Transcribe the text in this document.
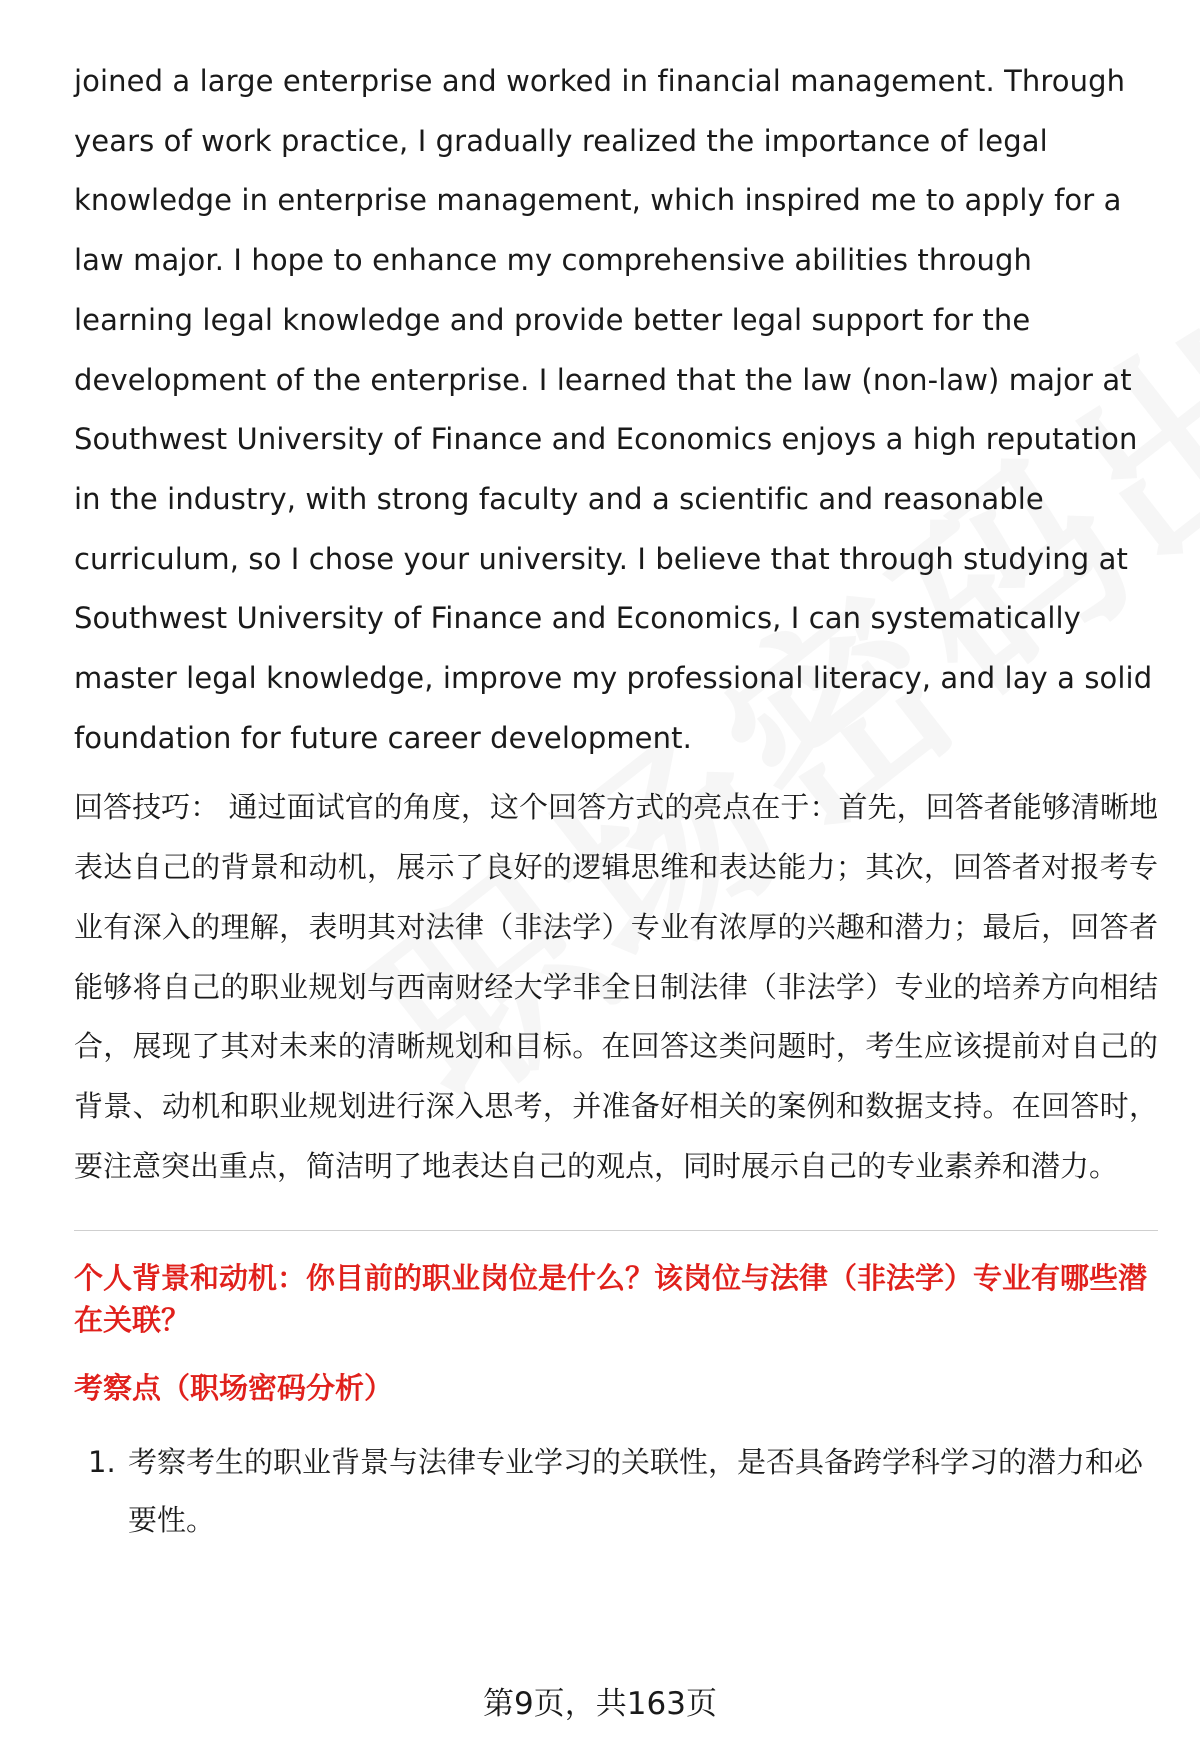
joined a large enterprise and worked in financial management. Through years of work practice, I gradually realized the importance of legal knowledge in enterprise management, which inspired me to apply for a law major. I hope to enhance my comprehensive abilities through learning legal knowledge and provide better legal support for the development of the enterprise. I learned that the law (non-law) major at Southwest University of Finance and Economics enjoys a high reputation in the industry, with strong faculty and a scientific and reasonable curriculum, so I chose your university. I believe that through studying at Southwest University of Finance and Economics, I can systematically master legal knowledge, improve my professional literacy, and lay a solid foundation for future career development.

回答技巧： 通过面试官的角度，这个回答方式的亮点在于：首先，回答者能够清晰地表达自己的背景和动机，展示了良好的逻辑思维和表达能力；其次，回答者对报考专业有深入的理解，表明其对法律（非法学）专业有浓厚的兴趣和潜力；最后，回答者能够将自己的职业规划与西南财经大学非全日制法律（非法学）专业的培养方向相结合，展现了其对未来的清晰规划和目标。在回答这类问题时，考生应该提前对自己的背景、动机和职业规划进行深入思考，并准备好相关的案例和数据支持。在回答时，要注意突出重点，简洁明了地表达自己的观点，同时展示自己的专业素养和潜力。

个人背景和动机：你目前的职业岗位是什么？该岗位与法律（非法学）专业有哪些潜在关联？

考察点（职场密码分析）

1. 考察考生的职业背景与法律专业学习的关联性，是否具备跨学科学习的潜力和必要性。
第9页，共163页
